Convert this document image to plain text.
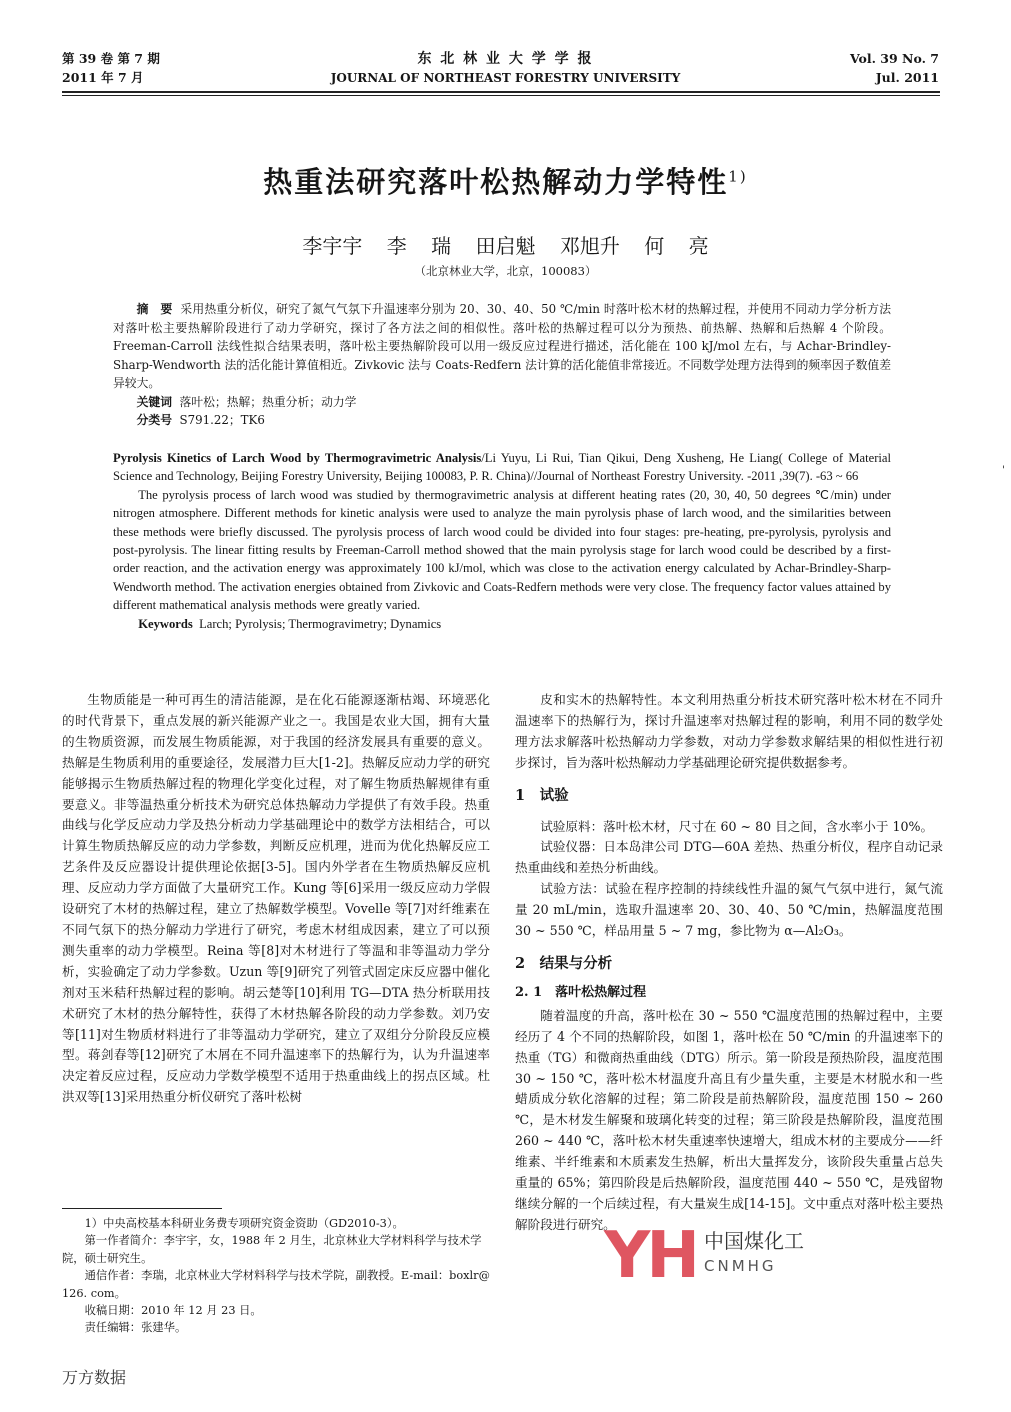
第 39 卷 第 7 期
2011 年 7 月
东 北 林 业 大 学 学 报
JOURNAL OF NORTHEAST FORESTRY UNIVERSITY
Vol. 39 No. 7
Jul. 2011
热重法研究落叶松热解动力学特性$^{1)}$
李宇宇 李 瑞 田启魁 邓旭升 何 亮
（北京林业大学，北京，100083）

摘　要 采用热重分析仪，研究了氮气气氛下升温速率分别为 20、30、40、50 ℃/min 时落叶松木材的热解过程，并使用不同动力学分析方法对落叶松主要热解阶段进行了动力学研究，探讨了各方法之间的相似性。落叶松的热解过程可以分为预热、前热解、热解和后热解 4 个阶段。Freeman-Carroll 法线性拟合结果表明，落叶松主要热解阶段可以用一级反应过程进行描述，活化能在 100 kJ/mol 左右，与 Achar-Brindley-Sharp-Wendworth 法的活化能计算值相近。Zivkovic 法与 Coats-Redfern 法计算的活化能值非常接近。不同数学处理方法得到的频率因子数值差异较大。

关键词 落叶松；热解；热重分析；动力学

分类号 S791.22；TK6

Pyrolysis Kinetics of Larch Wood by Thermogravimetric Analysis/Li Yuyu, Li Rui, Tian Qikui, Deng Xusheng, He Liang( College of Material Science and Technology, Beijing Forestry University, Beijing 100083, P. R. China)//Journal of Northeast Forestry University. -2011 ,39(7). -63 ~ 66

The pyrolysis process of larch wood was studied by thermogravimetric analysis at different heating rates (20, 30, 40, 50 degrees ℃/min) under nitrogen atmosphere. Different methods for kinetic analysis were used to analyze the main pyrolysis phase of larch wood, and the similarities between these methods were briefly discussed. The pyrolysis process of larch wood could be divided into four stages: pre-heating, pre-pyrolysis, pyrolysis and post-pyrolysis. The linear fitting results by Freeman-Carroll method showed that the main pyrolysis stage for larch wood could be described by a first-order reaction, and the activation energy was approximately 100 kJ/mol, which was close to the activation energy calculated by Achar-Brindley-Sharp-Wendworth method. The activation energies obtained from Zivkovic and Coats-Redfern methods were very close. The frequency factor values attained by different mathematical analysis methods were greatly varied.

Keywords Larch; Pyrolysis; Thermogravimetry; Dynamics

'

生物质能是一种可再生的清洁能源，是在化石能源逐渐枯竭、环境恶化的时代背景下，重点发展的新兴能源产业之一。我国是农业大国，拥有大量的生物质资源，而发展生物质能源，对于我国的经济发展具有重要的意义。热解是生物质利用的重要途径，发展潜力巨大[1-2]。热解反应动力学的研究能够揭示生物质热解过程的物理化学变化过程，对了解生物质热解规律有重要意义。非等温热重分析技术为研究总体热解动力学提供了有效手段。热重曲线与化学反应动力学及热分析动力学基础理论中的数学方法相结合，可以计算生物质热解反应的动力学参数，判断反应机理，进而为优化热解反应工艺条件及反应器设计提供理论依据[3-5]。国内外学者在生物质热解反应机理、反应动力学方面做了大量研究工作。Kung 等[6]采用一级反应动力学假设研究了木材的热解过程，建立了热解数学模型。Vovelle 等[7]对纤维素在不同气氛下的热分解动力学进行了研究，考虑木材组成因素，建立了可以预测失重率的动力学模型。Reina 等[8]对木材进行了等温和非等温动力学分析，实验确定了动力学参数。Uzun 等[9]研究了列管式固定床反应器中催化剂对玉米秸秆热解过程的影响。胡云楚等[10]利用 TG—DTA 热分析联用技术研究了木材的热分解特性，获得了木材热解各阶段的动力学参数。刘乃安等[11]对生物质材料进行了非等温动力学研究，建立了双组分分阶段反应模型。蒋剑春等[12]研究了木屑在不同升温速率下的热解行为，认为升温速率决定着反应过程，反应动力学数学模型不适用于热重曲线上的拐点区域。杜洪双等[13]采用热重分析仪研究了落叶松树

1）中央高校基本科研业务费专项研究资金资助（GD2010-3）。

第一作者简介：李宇宇，女，1988 年 2 月生，北京林业大学材料科学与技术学院，硕士研究生。

通信作者：李瑞，北京林业大学材料科学与技术学院，副教授。E-mail：boxlr@ 126. com。

收稿日期：2010 年 12 月 23 日。

责任编辑：张建华。

皮和实木的热解特性。本文利用热重分析技术研究落叶松木材在不同升温速率下的热解行为，探讨升温速率对热解过程的影响，利用不同的数学处理方法求解落叶松热解动力学参数，对动力学参数求解结果的相似性进行初步探讨，旨为落叶松热解动力学基础理论研究提供数据参考。

1　试验

试验原料：落叶松木材，尺寸在 60 ~ 80 目之间，含水率小于 10%。

试验仪器：日本岛津公司 DTG—60A 差热、热重分析仪，程序自动记录热重曲线和差热分析曲线。

试验方法：试验在程序控制的持续线性升温的氮气气氛中进行，氮气流量 20 mL/min，选取升温速率 20、30、40、50 ℃/min，热解温度范围 30 ~ 550 ℃，样品用量 5 ~ 7 mg，参比物为 α—Al₂O₃。

2　结果与分析
2. 1　落叶松热解过程

随着温度的升高，落叶松在 30 ~ 550 ℃温度范围的热解过程中，主要经历了 4 个不同的热解阶段，如图 1，落叶松在 50 ℃/min 的升温速率下的热重（TG）和微商热重曲线（DTG）所示。第一阶段是预热阶段，温度范围 30 ~ 150 ℃，落叶松木材温度升高且有少量失重，主要是木材脱水和一些蜡质成分软化溶解的过程；第二阶段是前热解阶段，温度范围 150 ~ 260 ℃，是木材发生解聚和玻璃化转变的过程；第三阶段是热解阶段，温度范围 260 ~ 440 ℃，落叶松木材失重速率快速增大，组成木材的主要成分——纤维素、半纤维素和木质素发生热解，析出大量挥发分，该阶段失重量占总失重量的 65%；第四阶段是后热解阶段，温度范围 440 ~ 550 ℃，是残留物继续分解的一个后续过程，有大量炭生成[14-15]。文中重点对落叶松主要热解阶段进行研究。

YH 中国煤化工
CNMHG
万方数据
